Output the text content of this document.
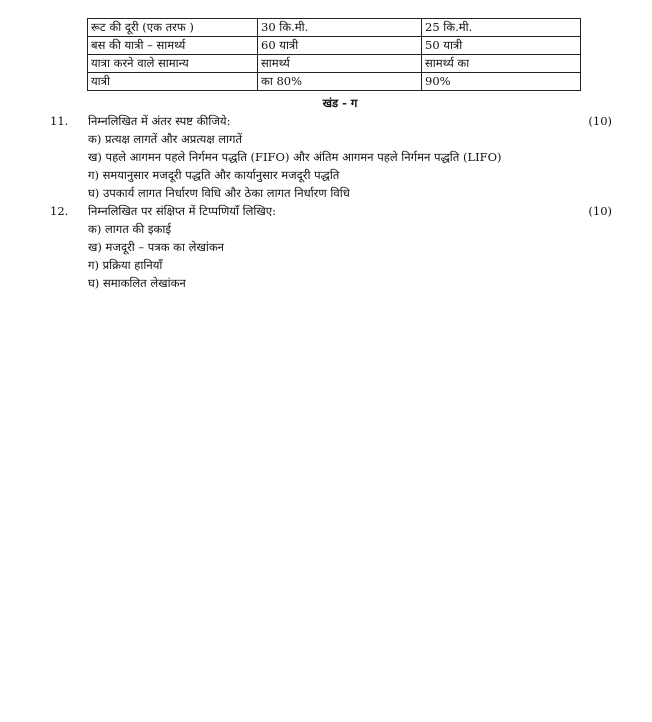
रूट की दूरी (एक तरफ )	30 कि.मी.	25 कि.मी.
बस की यात्री – सामर्थ्य	60 यात्री	50 यात्री
यात्रा करने वाले सामान्य	सामर्थ्य	सामर्थ्य का
यात्री	का 80%	90%
खंड - ग
11. निम्नलिखित में अंतर स्पष्ट कीजिये:	(10)
क) प्रत्यक्ष लागतें और अप्रत्यक्ष लागतें
ख) पहले आगमन पहले निर्गमन पद्धति (FIFO) और अंतिम आगमन पहले निर्गमन पद्धति (LIFO)
ग) समयानुसार मजदूरी पद्धति और कार्यानुसार मजदूरी पद्धति
घ) उपकार्य लागत निर्धारण विधि और ठेका लागत निर्धारण विधि
12. निम्नलिखित पर संक्षिप्त में टिप्पणियाँ लिखिए:	(10)
क) लागत की इकाई
ख) मजदूरी – पत्रक का लेखांकन
ग) प्रक्रिया हानियाँ
घ) समाकलित लेखांकन
